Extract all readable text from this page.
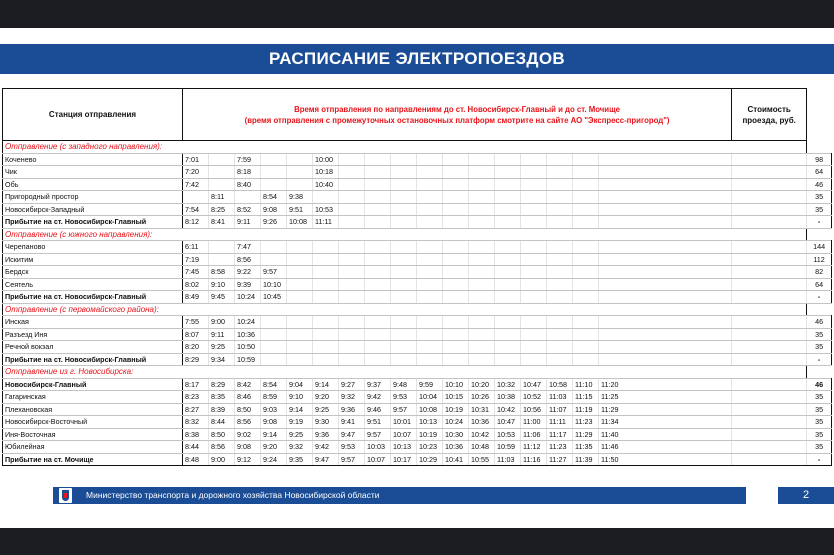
РАСПИСАНИЕ ЭЛЕКТРОПОЕЗДОВ
Станция отправления	Время отправления по направлениям до ст. Новосибирск-Главный и до ст. Мочище
(время отправления с промежуточных остановочных платформ смотрите на сайте АО "Экспресс-пригород")																	Стоимость
проезда, руб.	
Отправление (с западного направления):																			
Коченево	7:01		7:59			10:00													98
Чик	7:20		8:18			10:18													64
Обь	7:42		8:40			10:40													46
Пригородный простор		8:11		8:54	9:38														35
Новосибирск-Западный	7:54	8:25	8:52	9:08	9:51	10:53													35
Прибытие на ст. Новосибирск-Главный	8:12	8:41	9:11	9:26	10:08	11:11													-
Отправление (с южного направления):																			
Черепаново	6:11		7:47																144
Искитим	7:19		8:56																112
Бердск	7:45	8:58	9:22	9:57															82
Сеятель	8:02	9:10	9:39	10:10															64
Прибытие на ст. Новосибирск-Главный	8:49	9:45	10:24	10:45															-
Отправление (с первомайского района):																			
Инская	7:55	9:00	10:24																46
Разъезд Иня	8:07	9:11	10:36																35
Речной вокзал	8:20	9:25	10:50																35
Прибытие на ст. Новосибирск-Главный	8:29	9:34	10:59																-
Отправление из г. Новосибирска:																			
Новосибирск-Главный	8:17	8:29	8:42	8:54	9:04	9:14	9:27	9:37	9:48	9:59	10:10	10:20	10:32	10:47	10:58	11:10	11:20		46
Гагаринская	8:23	8:35	8:46	8:59	9:10	9:20	9:32	9:42	9:53	10:04	10:15	10:26	10:38	10:52	11:03	11:15	11:25		35
Плехановская	8:27	8:39	8:50	9:03	9:14	9:25	9:36	9:46	9:57	10:08	10:19	10:31	10:42	10:56	11:07	11:19	11:29		35
Новосибирск-Восточный	8:32	8:44	8:56	9:08	9:19	9:30	9:41	9:51	10:01	10:13	10:24	10:36	10:47	11:00	11:11	11:23	11:34		35
Иня-Восточная	8:38	8:50	9:02	9:14	9:25	9:36	9:47	9:57	10:07	10:19	10:30	10:42	10:53	11:06	11:17	11:29	11:40		35
Юбилейная	8:44	8:56	9:08	9:20	9:32	9:42	9:53	10:03	10:13	10:23	10:36	10:48	10:59	11:12	11:23	11:35	11:46		35
Прибытие на ст. Мочище	8:48	9:00	9:12	9:24	9:35	9:47	9:57	10:07	10:17	10:29	10:41	10:55	11:03	11:16	11:27	11:39	11:50		-
Министерство транспорта и дорожного хозяйства Новосибирской области	2
